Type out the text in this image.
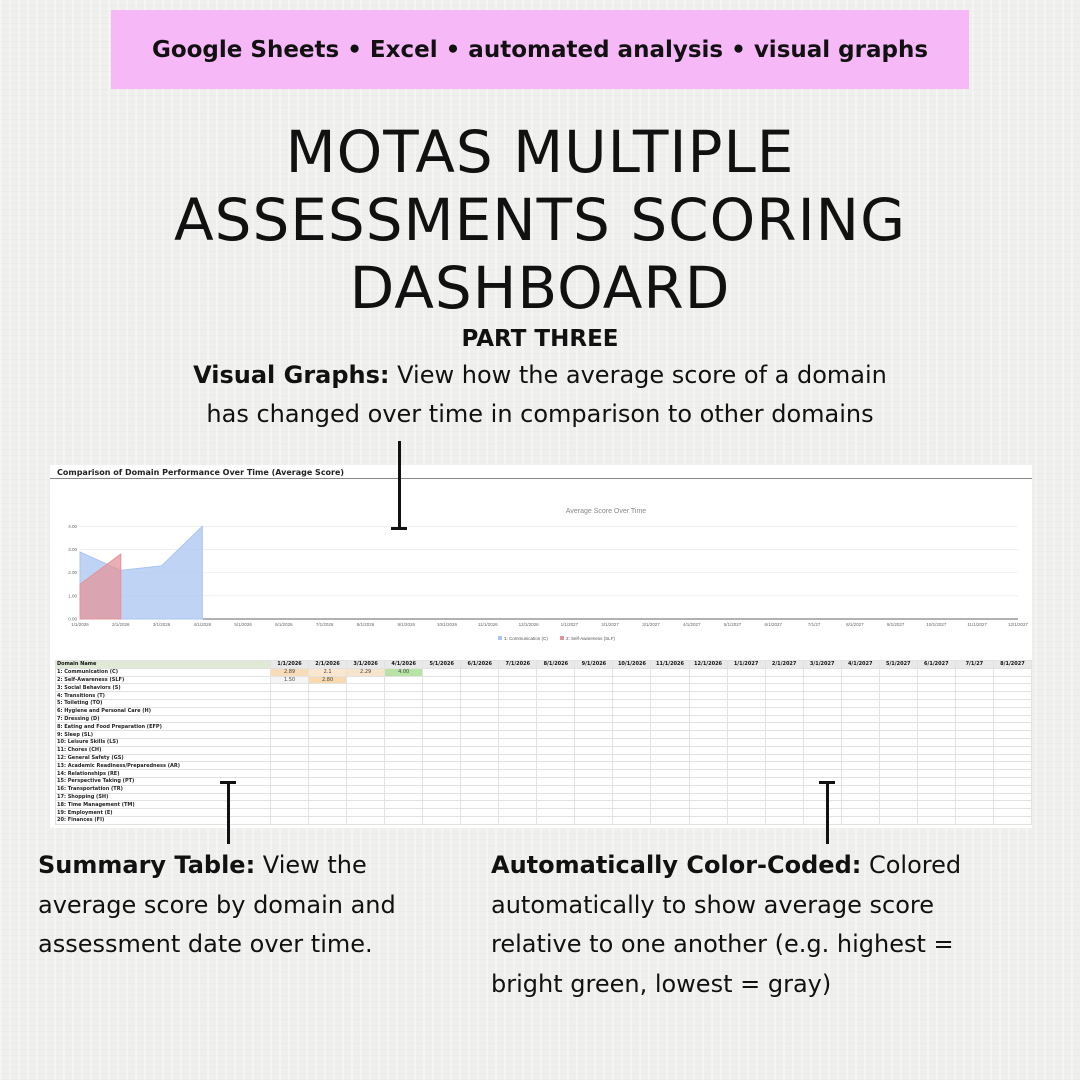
Google Sheets • Excel • automated analysis • visual graphs
MOTAS MULTIPLE
ASSESSMENTS SCORING
DASHBOARD
PART THREE
Visual Graphs: View how the average score of a domain
has changed over time in comparison to other domains
Comparison of Domain Performance Over Time (Average Score)
Average Score Over Time
0.00
1.00
2.00
3.00
4.00
1/1/2026	2/1/2026	3/1/2026	4/1/2026	5/1/2026	6/1/2026	7/1/2026	8/1/2026	9/1/2026	10/1/2026	11/1/2026	12/1/2026	1/1/2027	2/1/2027	3/1/2027	4/1/2027	5/1/2027	6/1/2027	7/1/27	8/1/2027	9/1/2027	10/1/2027	11/1/2027	12/1/2027
1: Communication (C)	2: Self-Awareness (SLF)
Domain Name	1/1/2026	2/1/2026	3/1/2026	4/1/2026	5/1/2026	6/1/2026	7/1/2026	8/1/2026	9/1/2026	10/1/2026	11/1/2026	12/1/2026	1/1/2027	2/1/2027	3/1/2027	4/1/2027	5/1/2027	6/1/2027	7/1/27	8/1/2027
1: Communication (C)	2.89	2.1	2.29	4.00																
2: Self-Awareness (SLF)	1.50	2.80																		
3: Social Behaviors (S)																				
4: Transitions (T)																				
5: Toileting (TO)																				
6: Hygiene and Personal Care (H)																				
7: Dressing (D)																				
8: Eating and Food Preparation (EFP)																				
9: Sleep (SL)																				
10: Leisure Skills (LS)																				
11: Chores (CH)																				
12: General Safety (GS)																				
13: Academic Readiness/Preparedness (AR)																				
14: Relationships (RE)																				
15: Perspective Taking (PT)																				
16: Transportation (TR)																				
17: Shopping (SH)																				
18: Time Management (TM)																				
19: Employment (E)																				
20: Finances (FI)																				
Summary Table: View the
average score by domain and
assessment date over time.
Automatically Color-Coded: Colored
automatically to show average score
relative to one another (e.g. highest =
bright green, lowest = gray)
